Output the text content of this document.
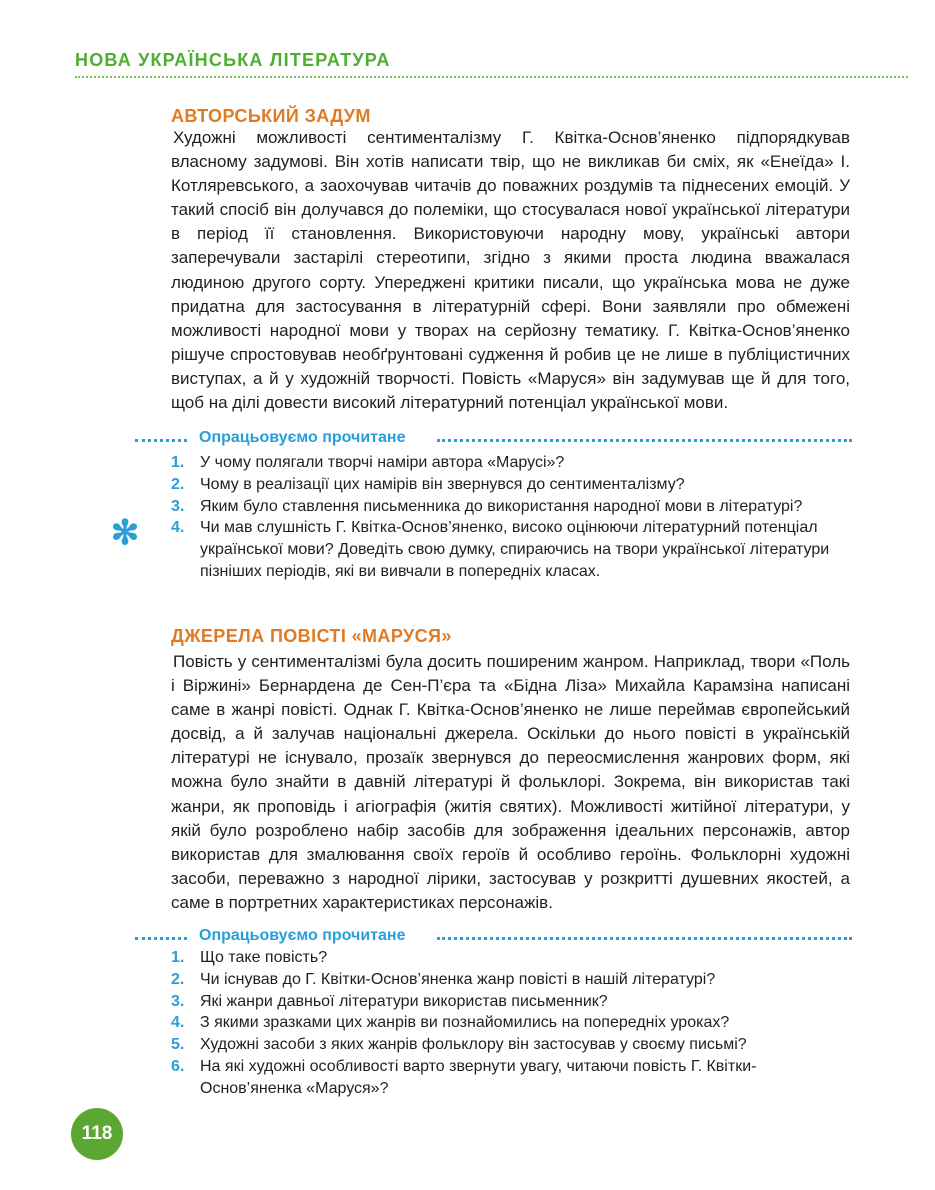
НОВА УКРАЇНСЬКА ЛІТЕРАТУРА
АВТОРСЬКИЙ ЗАДУМ

Художні можливості сентименталізму Г. Квітка-Основ’яненко підпорядкував власному задумові. Він хотів написати твір, що не викликав би сміх, як «Енеїда» І. Котляревського, а заохочував читачів до поважних роздумів та піднесених емоцій. У такий спосіб він долучався до полеміки, що стосувалася нової української літератури в період її становлення. Використовуючи народну мову, українські автори заперечували застарілі стереотипи, згідно з якими проста людина вважалася людиною другого сорту. Упереджені критики писали, що українська мова не дуже придатна для застосування в літературній сфері. Вони заявляли про обмежені можливості народної мови у творах на серйозну тематику. Г. Квітка-Основ’яненко рішуче спростовував необґрунтовані судження й робив це не лише в публіцистичних виступах, а й у художній творчості. Повість «Маруся» він задумував ще й для того, щоб на ділі довести високий літературний потенціал української мови.

Опрацьовуємо прочитане
1. У чому полягали творчі наміри автора «Марусі»?
2. Чому в реалізації цих намірів він звернувся до сентименталізму?
3. Яким було ставлення письменника до використання народної мови в літературі?
4. Чи мав слушність Г. Квітка-Основ’яненко, високо оцінюючи літературний потенціал української мови? Доведіть свою думку, спираючись на твори української літератури пізніших періодів, які ви вивчали в попередніх класах.
✻
ДЖЕРЕЛА ПОВІСТІ «МАРУСЯ»

Повість у сентименталізмі була досить поширеним жанром. Наприклад, твори «Поль і Віржині» Бернардена де Сен-П’єра та «Бідна Ліза» Михайла Карамзіна написані саме в жанрі повісті. Однак Г. Квітка-Основ’яненко не лише переймав європейський досвід, а й залучав національні джерела. Оскільки до нього повісті в українській літературі не існувало, прозаїк звернувся до переосмислення жанрових форм, які можна було знайти в давній літературі й фольклорі. Зокрема, він використав такі жанри, як проповідь і агіографія (житія святих). Можливості житійної літератури, у якій було розроблено набір засобів для зображення ідеальних персонажів, автор використав для змалювання своїх героїв й особливо героїнь. Фольклорні художні засоби, переважно з народної лірики, застосував у розкритті душевних якостей, а саме в портретних характеристиках персонажів.

Опрацьовуємо прочитане
1. Що таке повість?
2. Чи існував до Г. Квітки-Основ’яненка жанр повісті в нашій літературі?
3. Які жанри давньої літератури використав письменник?
4. З якими зразками цих жанрів ви познайомились на попередніх уроках?
5. Художні засоби з яких жанрів фольклору він застосував у своєму письмі?
6. На які художні особливості варто звернути увагу, читаючи повість Г. Квітки-Основ’яненка «Маруся»?
118
